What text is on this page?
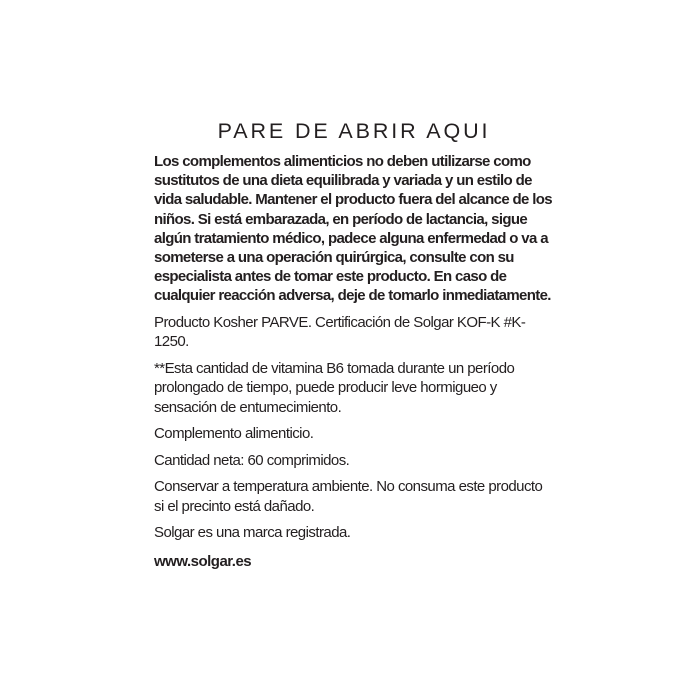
PARE DE ABRIR AQUI

Los complementos alimenticios no deben utilizarse como sustitutos de una dieta equilibrada y variada y un estilo de vida saludable. Mantener el producto fuera del alcance de los niños. Si está embarazada, en período de lactancia, sigue algún tratamiento médico, padece alguna enfermedad o va a someterse a una operación quirúrgica, consulte con su especialista antes de tomar este producto. En caso de cualquier reacción adversa, deje de tomarlo inmediatamente.

Producto Kosher PARVE. Certificación de Solgar KOF-K #K-1250.

**Esta cantidad de vitamina B6 tomada durante un período prolongado de tiempo, puede producir leve hormigueo y sensación de entumecimiento.

Complemento alimenticio.

Cantidad neta: 60 comprimidos.

Conservar a temperatura ambiente. No consuma este producto si el precinto está dañado.

Solgar es una marca registrada.

www.solgar.es
